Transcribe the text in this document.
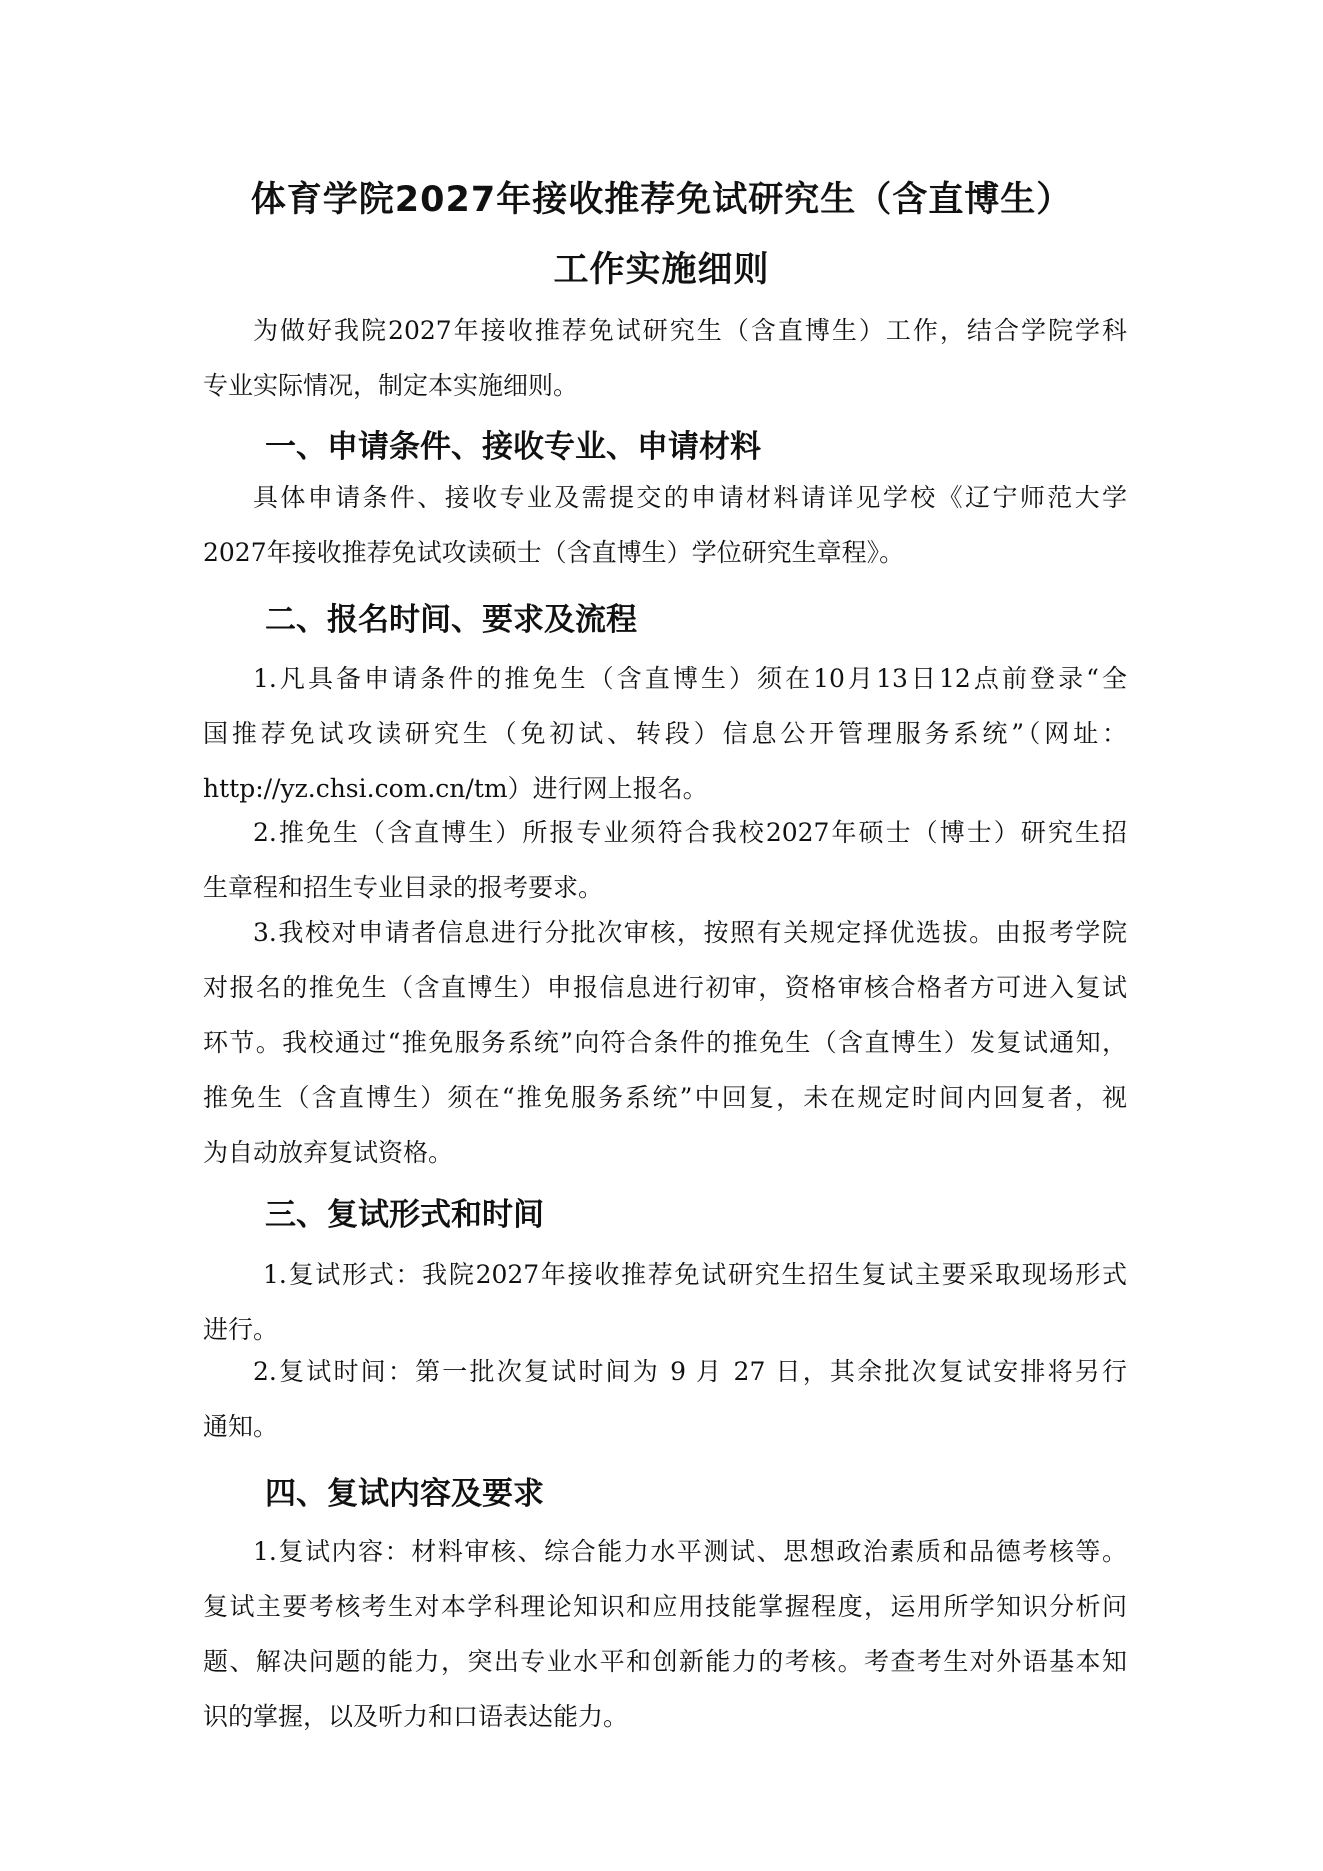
体育学院2027年接收推荐免试研究生（含直博生）
工作实施细则
为做好我院2027年接收推荐免试研究生（含直博生）工作，结合学院学科
专业实际情况，制定本实施细则。
一、申请条件、接收专业、申请材料
具体申请条件、接收专业及需提交的申请材料请详见学校《辽宁师范大学
2027年接收推荐免试攻读硕士（含直博生）学位研究生章程》。
二、报名时间、要求及流程
1.凡具备申请条件的推免生（含直博生）须在10月13日12点前登录“全
国推荐免试攻读研究生（免初试、转段）信息公开管理服务系统”（网址：
http://yz.chsi.com.cn/tm）进行网上报名。
2.推免生（含直博生）所报专业须符合我校2027年硕士（博士）研究生招
生章程和招生专业目录的报考要求。
3.我校对申请者信息进行分批次审核，按照有关规定择优选拔。由报考学院
对报名的推免生（含直博生）申报信息进行初审，资格审核合格者方可进入复试
环节。我校通过“推免服务系统”向符合条件的推免生（含直博生）发复试通知，
推免生（含直博生）须在“推免服务系统”中回复，未在规定时间内回复者，视
为自动放弃复试资格。
三、复试形式和时间
1.复试形式：我院2027年接收推荐免试研究生招生复试主要采取现场形式
进行。
2.复试时间：第一批次复试时间为 9 月 27 日，其余批次复试安排将另行
通知。
四、复试内容及要求
1.复试内容：材料审核、综合能力水平测试、思想政治素质和品德考核等。
复试主要考核考生对本学科理论知识和应用技能掌握程度，运用所学知识分析问
题、解决问题的能力，突出专业水平和创新能力的考核。考查考生对外语基本知
识的掌握，以及听力和口语表达能力。
